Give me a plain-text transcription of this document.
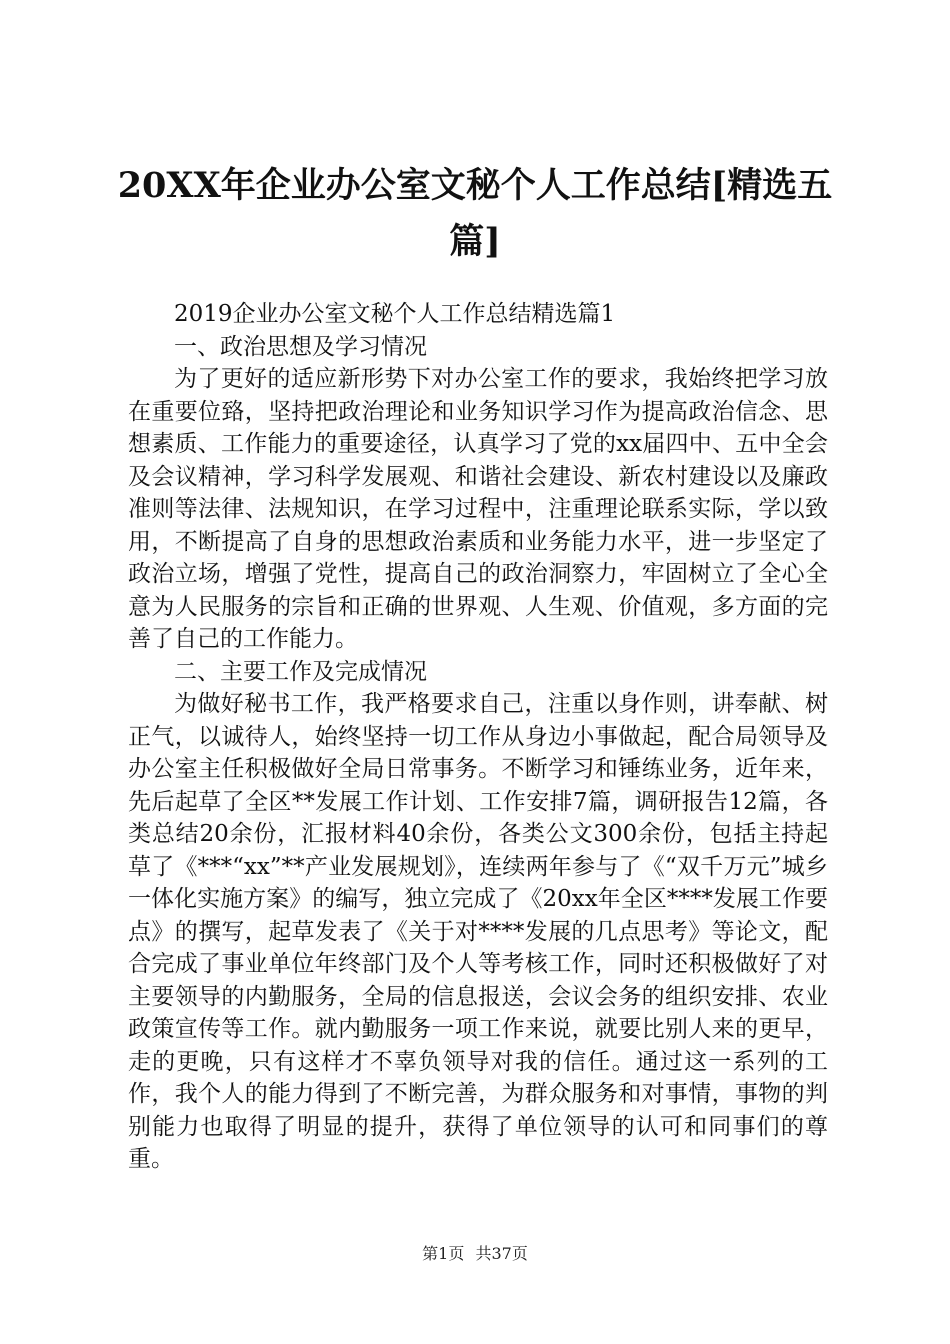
20XX年企业办公室文秘个人工作总结[精选五篇]

2019企业办公室文秘个人工作总结精选篇1

一、政治思想及学习情况

为了更好的适应新形势下对办公室工作的要求，我始终把学习放在重要位臵，坚持把政治理论和业务知识学习作为提高政治信念、思想素质、工作能力的重要途径，认真学习了党的xx届四中、五中全会及会议精神，学习科学发展观、和谐社会建设、新农村建设以及廉政准则等法律、法规知识，在学习过程中，注重理论联系实际，学以致用，不断提高了自身的思想政治素质和业务能力水平，进一步坚定了政治立场，增强了党性，提高自己的政治洞察力，牢固树立了全心全意为人民服务的宗旨和正确的世界观、人生观、价值观，多方面的完善了自己的工作能力。

二、主要工作及完成情况

为做好秘书工作，我严格要求自己，注重以身作则，讲奉献、树正气，以诚待人，始终坚持一切工作从身边小事做起，配合局领导及办公室主任积极做好全局日常事务。不断学习和锤练业务，近年来，先后起草了全区**发展工作计划、工作安排7篇，调研报告12篇，各类总结20余份，汇报材料40余份，各类公文300余份，包括主持起草了《***“xx”**产业发展规划》，连续两年参与了《“双千万元”城乡一体化实施方案》的编写，独立完成了《20xx年全区****发展工作要点》的撰写，起草发表了《关于对****发展的几点思考》等论文，配合完成了事业单位年终部门及个人等考核工作，同时还积极做好了对主要领导的内勤服务，全局的信息报送，会议会务的组织安排、农业政策宣传等工作。就内勤服务一项工作来说，就要比别人来的更早，走的更晚，只有这样才不辜负领导对我的信任。通过这一系列的工作，我个人的能力得到了不断完善，为群众服务和对事情，事物的判别能力也取得了明显的提升，获得了单位领导的认可和同事们的尊重。

第1页 共37页
